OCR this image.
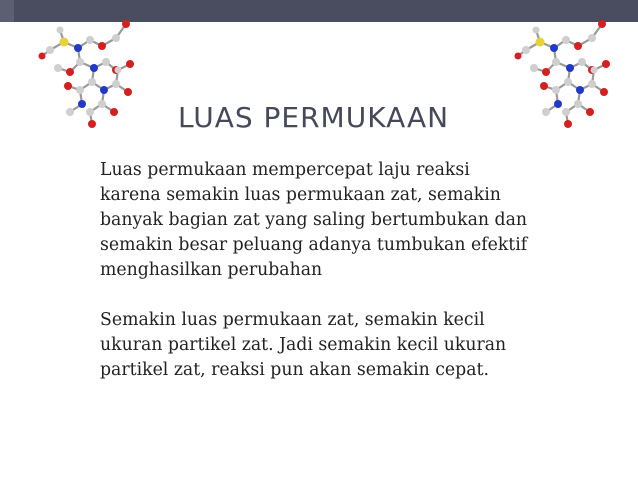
LUAS PERMUKAAN

Luas permukaan mempercepat laju reaksi
karena semakin luas permukaan zat, semakin
banyak bagian zat yang saling bertumbukan dan
semakin besar peluang adanya tumbukan efektif
menghasilkan perubahan

Semakin luas permukaan zat, semakin kecil
ukuran partikel zat. Jadi semakin kecil ukuran
partikel zat, reaksi pun akan semakin cepat.
